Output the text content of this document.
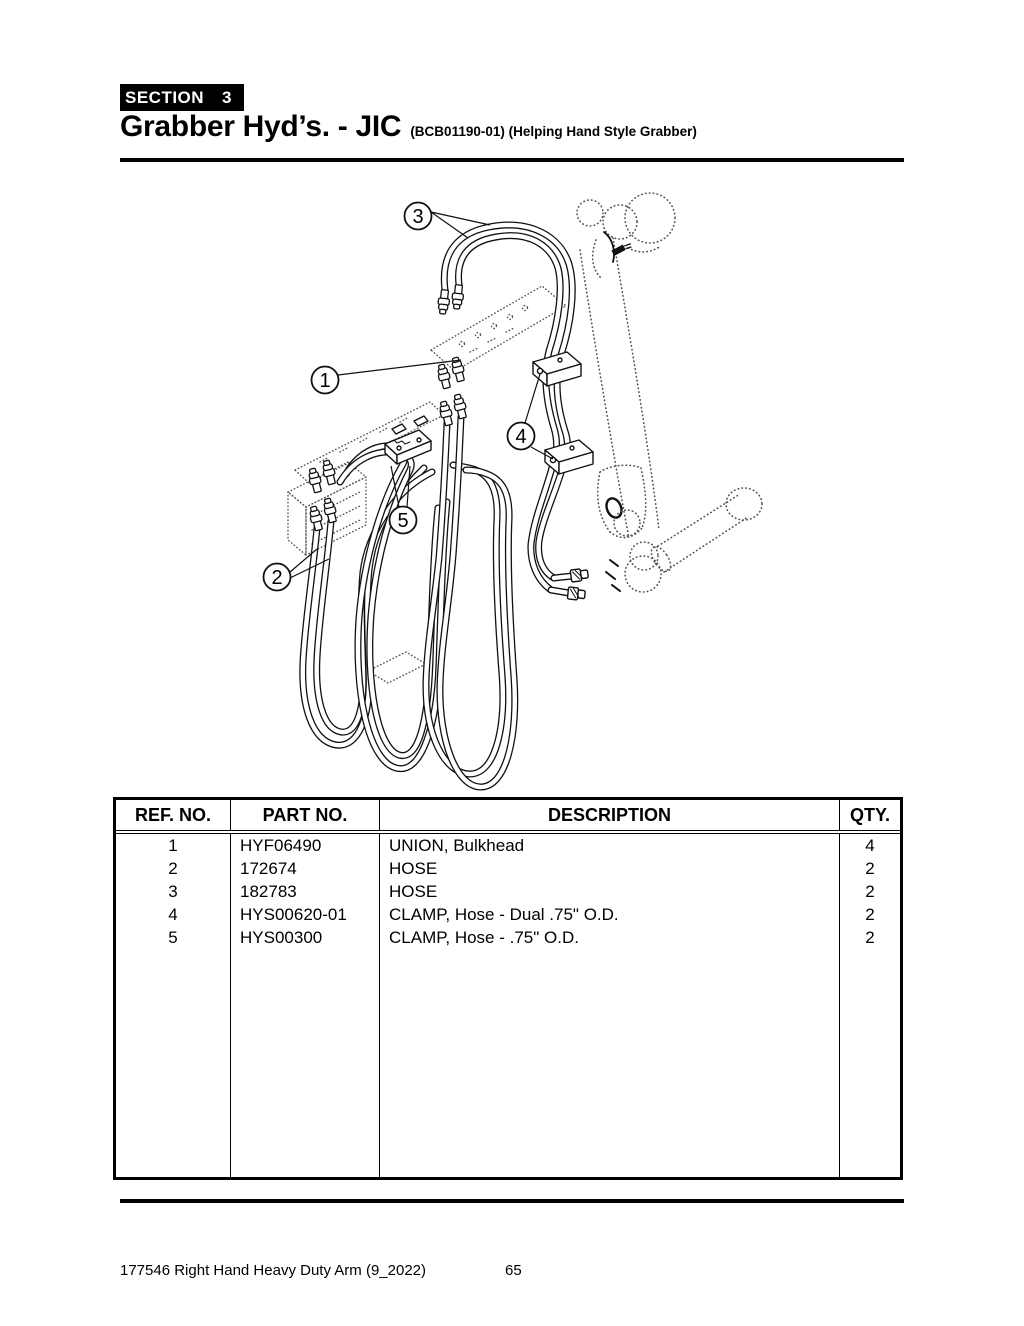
SECTION 3
Grabber Hyd’s. - JIC (BCB01190-01) (Helping Hand Style Grabber)
1
2
3
4
5
REF. NO.	PART NO.	DESCRIPTION	QTY.
1	HYF06490	UNION, Bulkhead	4
2	172674	HOSE	2
3	182783	HOSE	2
4	HYS00620-01	CLAMP, Hose - Dual .75" O.D.	2
5	HYS00300	CLAMP, Hose - .75" O.D.	2
177546 Right Hand Heavy Duty Arm (9_2022)	65
